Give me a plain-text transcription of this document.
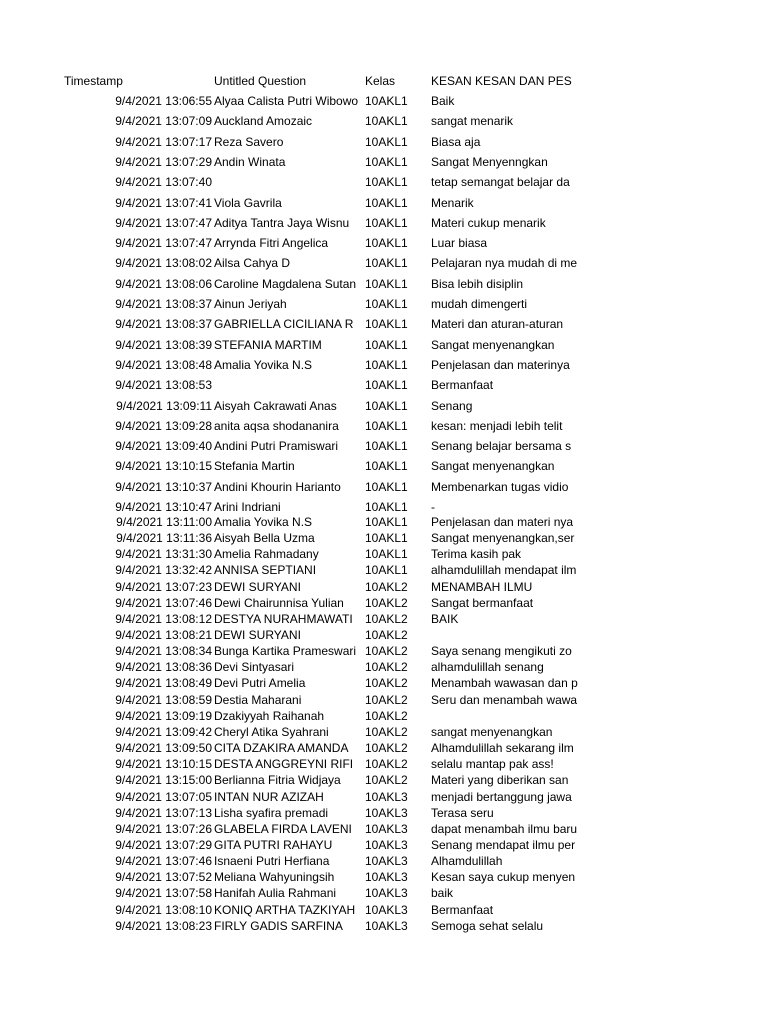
Timestamp	Untitled Question	Kelas	KESAN KESAN DAN PES
9/4/2021 13:06:55 Alyaa Calista Putri Wibowo 10AKL1	Baik
9/4/2021 13:07:09 Auckland Amozaic	10AKL1	sangat menarik
9/4/2021 13:07:17 Reza Savero	10AKL1	Biasa aja
9/4/2021 13:07:29 Andin Winata	10AKL1	Sangat Menyenngkan
9/4/2021 13:07:40	10AKL1	tetap semangat belajar da
9/4/2021 13:07:41 Viola Gavrila	10AKL1	Menarik
9/4/2021 13:07:47 Aditya Tantra Jaya Wisnu	10AKL1	Materi cukup menarik
9/4/2021 13:07:47 Arrynda Fitri Angelica	10AKL1	Luar biasa
9/4/2021 13:08:02 Ailsa Cahya D	10AKL1	Pelajaran nya mudah di me
9/4/2021 13:08:06 Caroline Magdalena Sutan 10AKL1	Bisa lebih disiplin
9/4/2021 13:08:37 Ainun Jeriyah	10AKL1	mudah dimengerti
9/4/2021 13:08:37 GABRIELLA CICILIANA R 10AKL1	Materi dan aturan-aturan
9/4/2021 13:08:39 STEFANIA MARTIM	10AKL1	Sangat menyenangkan
9/4/2021 13:08:48 Amalia Yovika N.S	10AKL1	Penjelasan dan materinya
9/4/2021 13:08:53	10AKL1	Bermanfaat
9/4/2021 13:09:11 Aisyah Cakrawati Anas	10AKL1	Senang
9/4/2021 13:09:28 anita aqsa shodananira	10AKL1	kesan: menjadi lebih telit
9/4/2021 13:09:40 Andini Putri Pramiswari	10AKL1	Senang belajar bersama s
9/4/2021 13:10:15 Stefania Martin	10AKL1	Sangat menyenangkan
9/4/2021 13:10:37 Andini Khourin Harianto	10AKL1	Membenarkan tugas vidio
9/4/2021 13:10:47 Arini Indriani	10AKL1	-
9/4/2021 13:11:00 Amalia Yovika N.S	10AKL1	Penjelasan dan materi nya
9/4/2021 13:11:36 Aisyah Bella Uzma	10AKL1	Sangat menyenangkan,ser
9/4/2021 13:31:30 Amelia Rahmadany	10AKL1	Terima kasih pak
9/4/2021 13:32:42 ANNISA SEPTIANI	10AKL1	alhamdulillah mendapat ilm
9/4/2021 13:07:23 DEWI SURYANI	10AKL2	MENAMBAH ILMU
9/4/2021 13:07:46 Dewi Chairunnisa Yulian	10AKL2	Sangat bermanfaat
9/4/2021 13:08:12 DESTYA NURAHMAWATI	10AKL2	BAIK
9/4/2021 13:08:21 DEWI SURYANI	10AKL2
9/4/2021 13:08:34 Bunga Kartika Prameswari 10AKL2	Saya senang mengikuti zo
9/4/2021 13:08:36 Devi Sintyasari	10AKL2	alhamdulillah senang
9/4/2021 13:08:49 Devi Putri Amelia	10AKL2	Menambah wawasan dan p
9/4/2021 13:08:59 Destia Maharani	10AKL2	Seru dan menambah wawa
9/4/2021 13:09:19 Dzakiyyah Raihanah	10AKL2
9/4/2021 13:09:42 Cheryl Atika Syahrani	10AKL2	sangat menyenangkan
9/4/2021 13:09:50 CITA DZAKIRA AMANDA	10AKL2	Alhamdulillah sekarang ilm
9/4/2021 13:10:15 DESTA ANGGREYNI RIFI 10AKL2	selalu mantap pak ass!
9/4/2021 13:15:00 Berlianna Fitria Widjaya	10AKL2	Materi yang diberikan san
9/4/2021 13:07:05 INTAN NUR AZIZAH	10AKL3	menjadi bertanggung jawa
9/4/2021 13:07:13 Lisha syafira premadi	10AKL3	Terasa seru
9/4/2021 13:07:26 GLABELA FIRDA LAVENI	10AKL3	dapat menambah ilmu baru
9/4/2021 13:07:29 GITA PUTRI RAHAYU	10AKL3	Senang mendapat ilmu per
9/4/2021 13:07:46 Isnaeni Putri Herfiana	10AKL3	Alhamdulillah
9/4/2021 13:07:52 Meliana Wahyuningsih	10AKL3	Kesan saya cukup menyen
9/4/2021 13:07:58 Hanifah Aulia Rahmani	10AKL3	baik
9/4/2021 13:08:10 KONIQ ARTHA TAZKIYAH 10AKL3	Bermanfaat
9/4/2021 13:08:23 FIRLY GADIS SARFINA	10AKL3	Semoga sehat selalu
